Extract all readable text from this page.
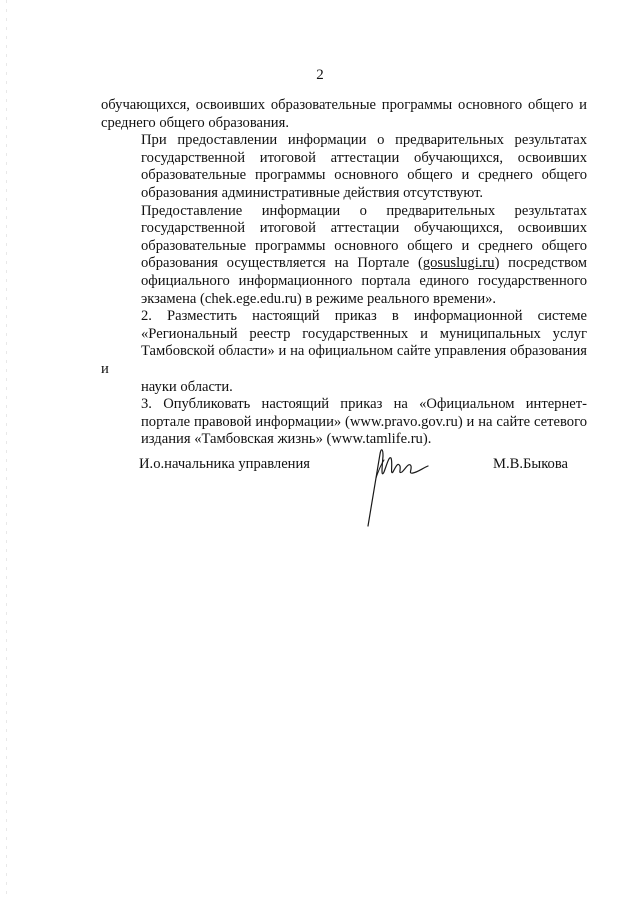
2

обучающихся, освоивших образовательные программы основного общего и
среднего общего образования.

При предоставлении информации о предварительных результатах
государственной итоговой аттестации обучающихся, освоивших
образовательные программы основного общего и среднего общего
образования административные действия отсутствуют.

Предоставление информации о предварительных результатах
государственной итоговой аттестации обучающихся, освоивших
образовательные программы основного общего и среднего общего
образования осуществляется на Портале (gosuslugi.ru) посредством
официального информационного портала единого государственного
экзамена (chek.ege.edu.ru) в режиме реального времени».

2. Разместить настоящий приказ в информационной системе
«Региональный реестр государственных и муниципальных услуг
Тамбовской области» и на официальном сайте управления образования и
науки области.

3. Опубликовать настоящий приказ на «Официальном интернет-
портале правовой информации» (www.pravo.gov.ru) и на сайте сетевого
издания «Тамбовская жизнь» (www.tamlife.ru).

И.о.начальника управления	М.В.Быкова
